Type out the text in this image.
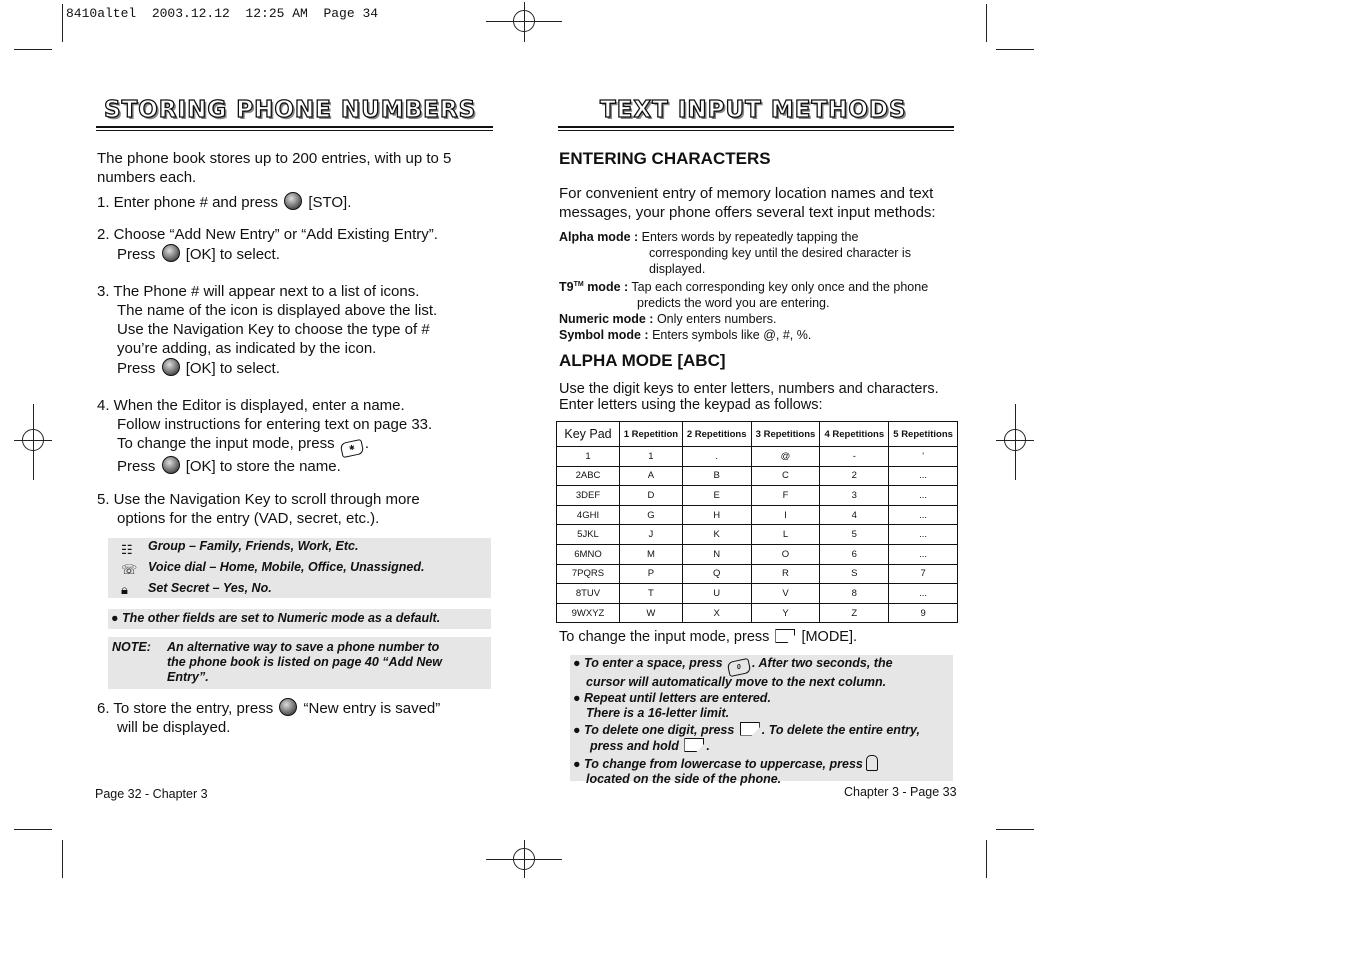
8410altel  2003.12.12  12:25 AM  Page 34
STORING PHONE NUMBERS
The phone book stores up to 200 entries, with up to 5
numbers each.
1. Enter phone # and press [STO].
2. Choose “Add New Entry” or “Add Existing Entry”.
Press [OK] to select.
3. The Phone # will appear next to a list of icons.
The name of the icon is displayed above the list.
Use the Navigation Key to choose the type of #
you’re adding, as indicated by the icon.
Press [OK] to select.
4. When the Editor is displayed, enter a name.
Follow instructions for entering text on page 33.
To change the input mode, press ✱ .
Press [OK] to store the name.
5. Use the Navigation Key to scroll through more
options for the entry (VAD, secret, etc.).
☷ Group – Family, Friends, Work, Etc.
☏ Voice dial – Home, Mobile, Office, Unassigned.
🔒︎ Set Secret – Yes, No.
● The other fields are set to Numeric mode as a default.
NOTE: An alternative way to save a phone number to
the phone book is listed on page 40 “Add New
Entry”.
6. To store the entry, press “New entry is saved”
will be displayed.
Page 32 - Chapter 3
TEXT INPUT METHODS
ENTERING CHARACTERS
For convenient entry of memory location names and text
messages, your phone offers several text input methods:
Alpha mode : Enters words by repeatedly tapping the
corresponding key until the desired character is
displayed.
T9™ mode : Tap each corresponding key only once and the phone
predicts the word you are entering.
Numeric mode : Only enters numbers.
Symbol mode : Enters symbols like @, #, %.
ALPHA MODE [ABC]
Use the digit keys to enter letters, numbers and characters.
Enter letters using the keypad as follows:
Key Pad	1 Repetition	2 Repetitions	3 Repetitions	4 Repetitions	5 Repetitions
1	1	.	@	-	’
2ABC	A	B	C	2	...
3DEF	D	E	F	3	...
4GHI	G	H	I	4	...
5JKL	J	K	L	5	...
6MNO	M	N	O	6	...
7PQRS	P	Q	R	S	7
8TUV	T	U	V	8	...
9WXYZ	W	X	Y	Z	9
To change the input mode, press [MODE].
● To enter a space, press 0 . After two seconds, the
cursor will automatically move to the next column.
● Repeat until letters are entered.
There is a 16-letter limit.
● To delete one digit, press . To delete the entire entry,
press and hold .
● To change from lowercase to uppercase, press
located on the side of the phone.
Chapter 3 - Page 33
